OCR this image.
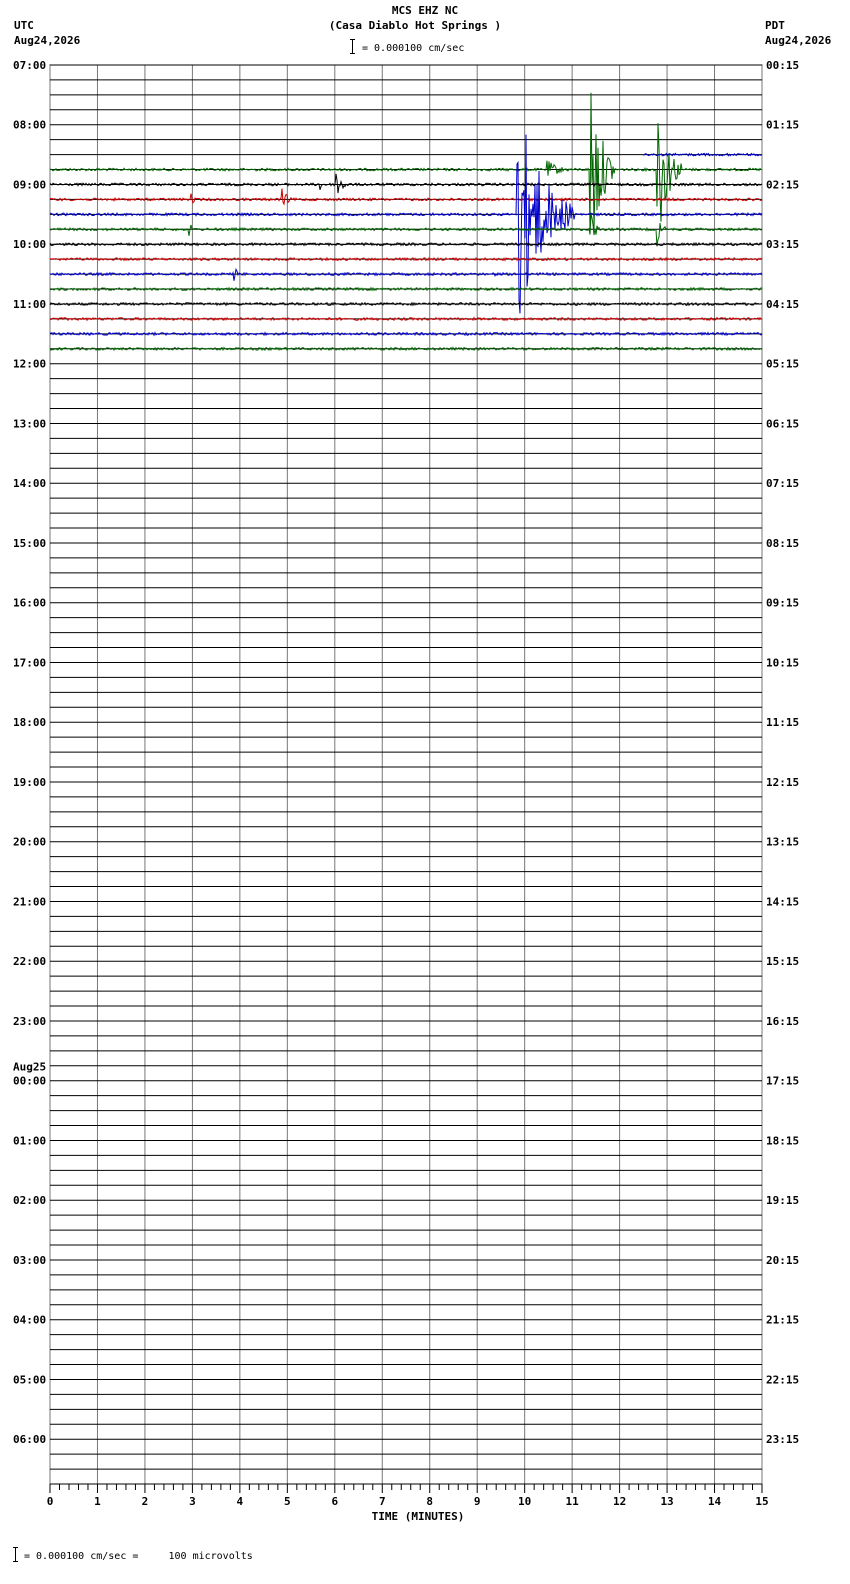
0	1	2	3	4	5	6	7	8	9	10	11	12	13	14	15
TIME (MINUTES)
07:00
08:00
09:00
10:00
11:00
12:00
13:00
14:00
15:00
16:00
17:00
18:00
19:00
20:00
21:00
22:00
23:00
00:00
Aug25
01:00
02:00
03:00
04:00
05:00
06:00
00:15
01:15
02:15
03:15
04:15
05:15
06:15
07:15
08:15
09:15
10:15
11:15
12:15
13:15
14:15
15:15
16:15
17:15
18:15
19:15
20:15
21:15
22:15
23:15
MCS EHZ NC
(Casa Diablo Hot Springs )
= 0.000100 cm/sec
UTC
Aug24,2026
PDT
Aug24,2026
= 0.000100 cm/sec =     100 microvolts
